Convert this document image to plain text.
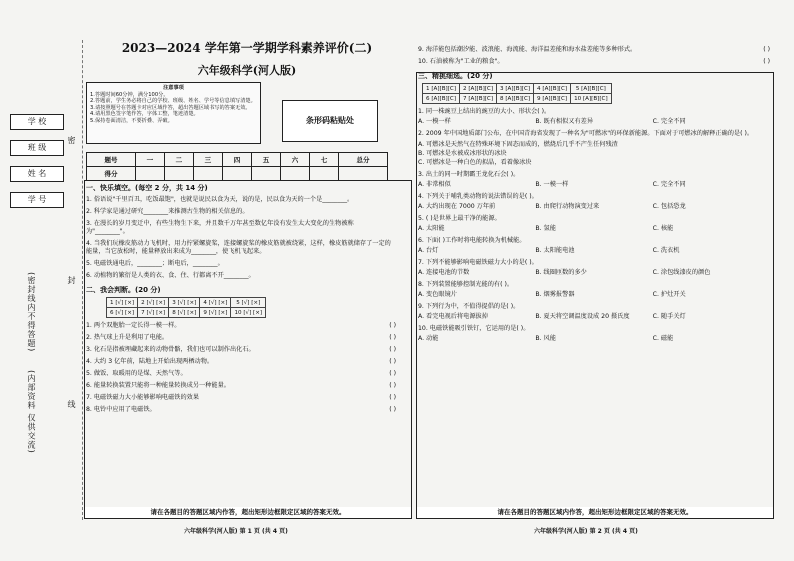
学 校
班 级
姓 名
学 号
密
封
线
(密封线内不得答题)
(内部资料 仅供交流)
2023—2024 学年第一学期学科素养评价(二)
六年级科学(河人版)
注意事项
1.答题时间60分钟，满分100分。
2.答题前，学生务必将自己的学校、班级、姓名、学号等信息填写清楚。
3.请按照题号在答题卡对应区域作答，超出答题区域书写的答案无效。
4.请用黑色签字笔作答，字体工整，笔迹清楚。
5.保持卷面清洁，不要折叠、弄破。	条形码粘贴处
题号	一	二	三	四	五	六	七	总分
得分								
一、快乐填空。(每空 2 分，共 14 分)
1. 俗语说"千里百丑，吃饭最饱"，也就是说民以食为天，说的是，民以食为天的一个是________。
2. 科学家是通过研究________来推测古生物的相关信息的。
3. 在漫长的岁月变迁中，有些生物生下来，并且数千万年甚至数亿年没有发生太大变化的生物被称为"________"。
4. 当我们玩橡皮筋动力飞机时，用力拧紧螺旋桨，连接螺旋桨的橡皮筋就被绕紧，这样，橡皮筋就储存了一定的能量，当它放松时，能量释放出来成为________，使飞机飞起来。
5. 电磁铁通电后，________；断电后，________。
6. 动植物的繁衍是人类的衣、食、住、行都离不开________。
二、我会判断。(20 分)
1 [√] [×]	2 [√] [×]	3 [√] [×]	4 [√] [×]	5 [√] [×]
6 [√] [×]	7 [√] [×]	8 [√] [×]	9 [√] [×]	10 [√] [×]
1. 两个双胞胎一定长得一模一样。	( )
2. 热气球上升是利用了电能。	( )
3. 化石是指被埋藏起来的动物骨骼，我们也可以制作出化石。	( )
4. 大约 3 亿年前，陆地上开始出现两栖动物。	( )
5. 做饭、取暖用的是煤、天然气等。	( )
6. 能量转换装置只能将一种能量转换成另一种能量。	( )
7. 电磁铁磁力大小能够影响电磁铁的效果	( )
8. 电铃中应用了电磁铁。	( )
请在各题目的答题区域内作答，超出矩形边框限定区域的答案无效。
六年级科学(河人版) 第 1 页 (共 4 页)
9. 海洋能包括潮汐能、波浪能、海流能、海洋温差能和海水盐差能等多种形式。	( )
10. 石油被称为"工业的粮食"。	( )
三、精挑细选。(20 分)
1 [A][B][C]	2 [A][B][C]	3 [A][B][C]	4 [A][B][C]	5 [A][B][C]
6 [A][B][C]	7 [A][B][C]	8 [A][B][C]	9 [A][B][C]	10 [A][B][C]
1. 同一株豌豆上结出的豌豆的大小、形状会( )。
A. 一模一样	B. 既有相似又有差异	C. 完全不同
2. 2009 年中国地质部门公布，在中国青海省发现了一种名为"可燃冰"的环保新能源。下面对于可燃冰的解释正确的是( )。
A. 可燃冰是天然气在特殊环境下固态而成的，燃烧后几乎不产生任何残渣
B. 可燃冰是水被成冰形状的冰块
C. 可燃冰是一种白色的拟晶，看着像冰块
3. 出土的同一时期霸王龙化石会( )。
A. 非常相似	B. 一模一样	C. 完全不同
4. 下列关于哺乳类动物的说法错误的是( )。
A. 大约出现在 7000 万年前	B. 由爬行动物演变过来	C. 包括恐龙
5. ( )是世界上最干净的能源。
A. 太阳能	B. 氢能	C. 核能
6. 下面( )工作时将电能转换为机械能。
A. 台灯	B. 太阳能电池	C. 洗衣机
7. 下列不能够影响电磁铁磁力大小的是( )。
A. 连接电池的节数	B. 线圈匝数的多少	C. 涂包线漆皮的颜色
8. 下列装置能够控制光能的有( )。
A. 变色眼镜片	B. 烟雾报警器	C. 护灶开关
9. 下列行为中，不值得提倡的是( )。
A. 看完电视后将电源拔掉	B. 夏天将空调温度设成 20 摄氏度	C. 随手关灯
10. 电磁铁能吸引铁钉，它运用的是( )。
A. 动能	B. 风能	C. 磁能
请在各题目的答题区域内作答，超出矩形边框限定区域的答案无效。
六年级科学(河人版) 第 2 页 (共 4 页)
